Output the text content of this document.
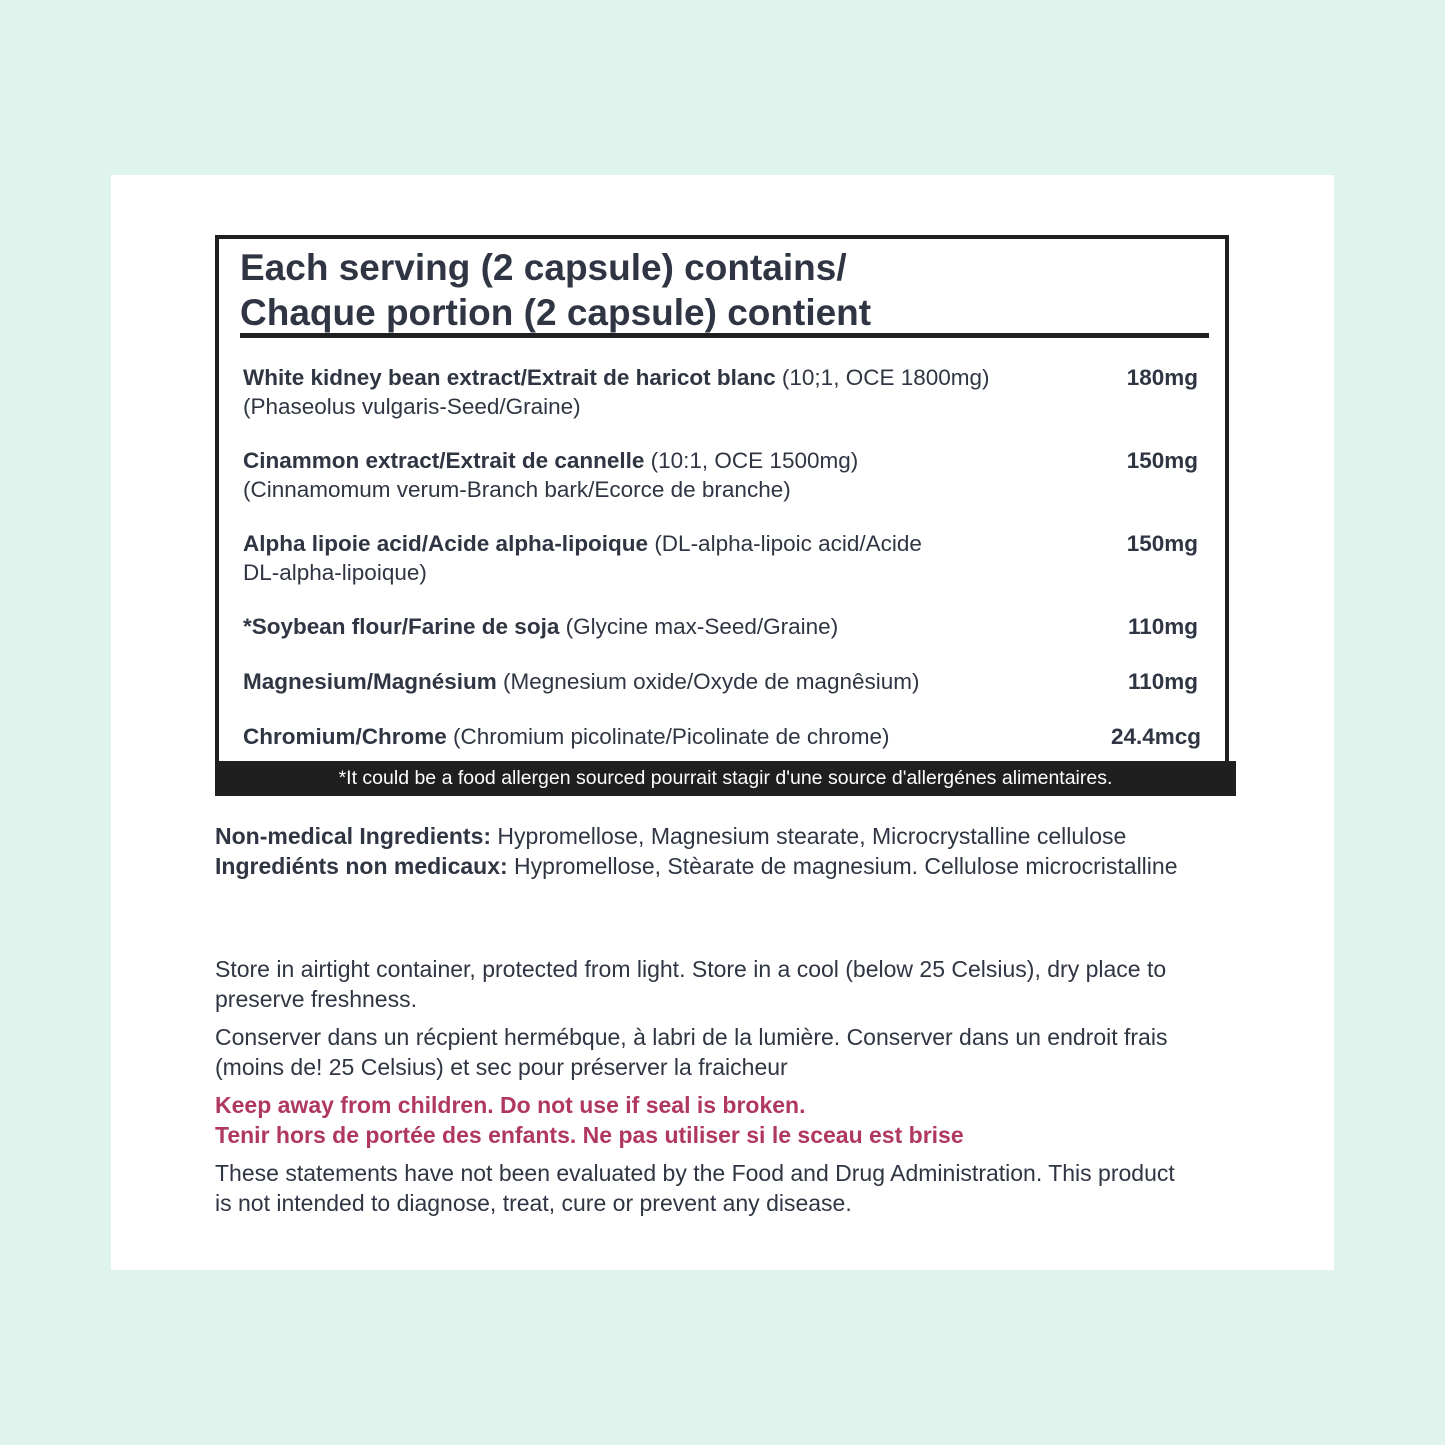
Each serving (2 capsule) contains/
Chaque portion (2 capsule) contient
White kidney bean extract/Extrait de haricot blanc (10;1, OCE 1800mg)
(Phaseolus vulgaris-Seed/Graine)
180mg
Cinammon extract/Extrait de cannelle (10:1, OCE 1500mg)
(Cinnamomum verum-Branch bark/Ecorce de branche)
150mg
Alpha lipoie acid/Acide alpha-lipoique (DL-alpha-lipoic acid/Acide
DL-alpha-lipoique)
150mg
*Soybean flour/Farine de soja (Glycine max-Seed/Graine)	110mg
Magnesium/Magnésium (Megnesium oxide/Oxyde de magnêsium)	110mg
Chromium/Chrome (Chromium picolinate/Picolinate de chrome)	24.4mcg
*It could be a food allergen sourced pourrait stagir d'une source d'allergénes alimentaires.
Non-medical Ingredients: Hypromellose, Magnesium stearate, Microcrystalline cellulose
Ingrediénts non medicaux: Hypromellose, Stèarate de magnesium. Cellulose microcristalline
Store in airtight container, protected from light. Store in a cool (below 25 Celsius), dry place to preserve freshness.
Conserver dans un récpient hermébque, à labri de la lumière. Conserver dans un endroit frais (moins de! 25 Celsius) et sec pour préserver la fraicheur
Keep away from children. Do not use if seal is broken.
Tenir hors de portée des enfants. Ne pas utiliser si le sceau est brise
These statements have not been evaluated by the Food and Drug Administration. This product is not intended to diagnose, treat, cure or prevent any disease.
